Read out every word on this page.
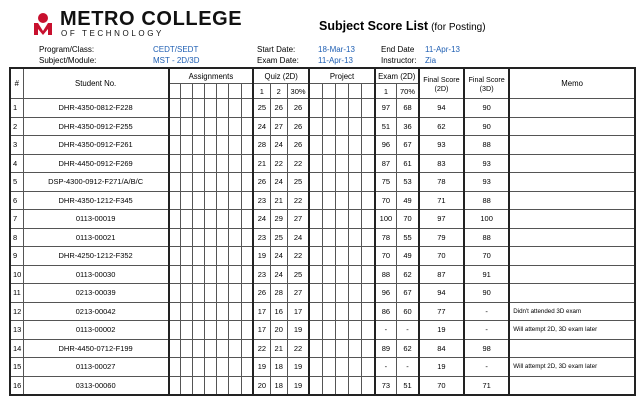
METRO COLLEGE
OF TECHNOLOGY
Subject Score List (for Posting)
Program/Class:	CEDT/SEDT
Subject/Module:	MST - 2D/3D
Start Date:	18-Mar-13
Exam Date: 11-Apr-13
End Date 11-Apr-13
Instructor: Zia
#	Student No.	Assignments							Quiz (2D)			Project					Exam (2D)		Final Score (2D)	Final Score (3D)	Memo
									1	2	30%						1	70%			
1	DHR-4350-0812-F228								25	26	26						97	68	94	90	
2	DHR-4350-0912-F255								24	27	26						51	36	62	90	
3	DHR-4350-0912-F261								28	24	26						96	67	93	88	
4	DHR-4450-0912-F269								21	22	22						87	61	83	93	
5	DSP-4300-0912-F271/A/B/C								26	24	25						75	53	78	93	
6	DHR-4350-1212-F345								23	21	22						70	49	71	88	
7	0113-00019								24	29	27						100	70	97	100	
8	0113-00021								23	25	24						78	55	79	88	
9	DHR-4250-1212-F352								19	24	22						70	49	70	70	
10	0113-00030								23	24	25						88	62	87	91	
11	0213-00039								26	28	27						96	67	94	90	
12	0213-00042								17	16	17						86	60	77	-	Didn't attended 3D exam
13	0113-00002								17	20	19						-	-	19	-	Will attempt 2D, 3D exam later
14	DHR-4450-0712-F199								22	21	22						89	62	84	98	
15	0113-00027								19	18	19						-	-	19	-	Will attempt 2D, 3D exam later
16	0313-00060								20	18	19						73	51	70	71	
